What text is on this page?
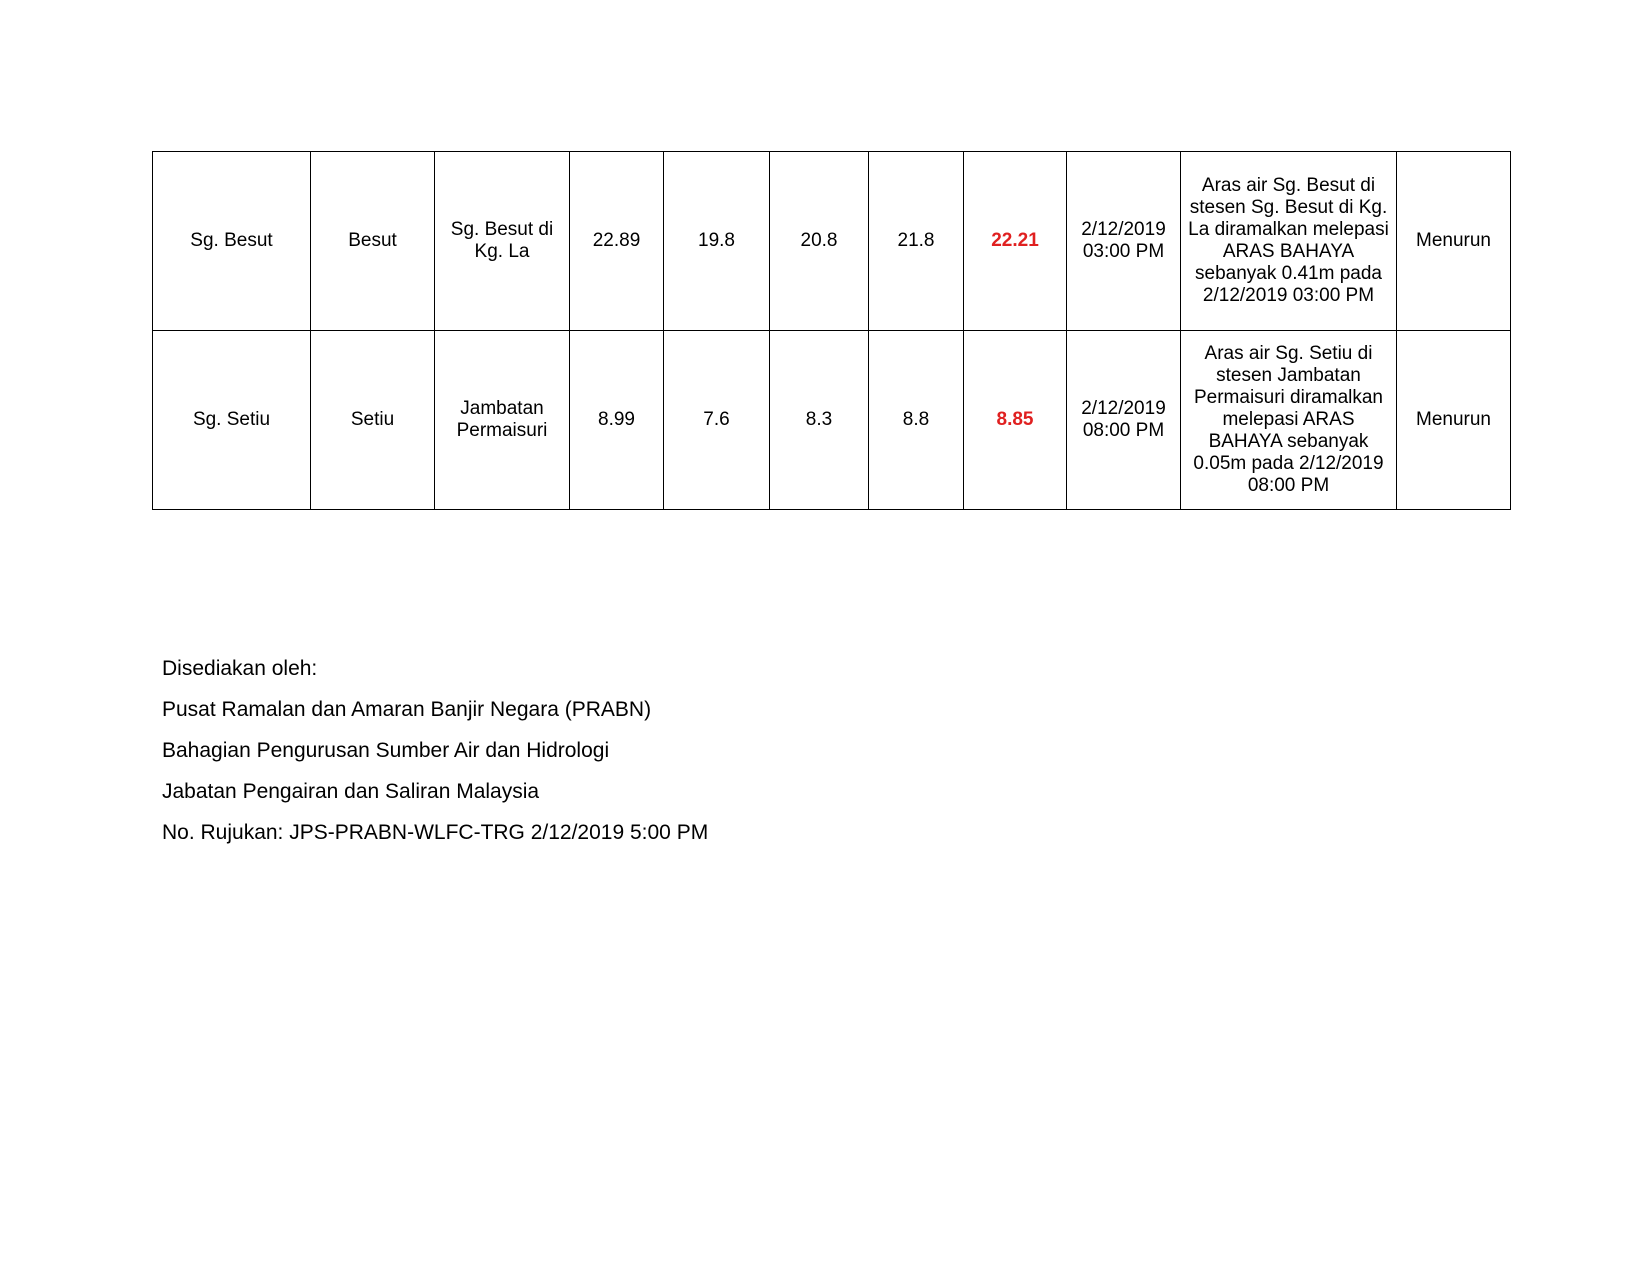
Sg. Besut	Besut	Sg. Besut di Kg. La	22.89	19.8	20.8	21.8	22.21	2/12/2019 03:00 PM	Aras air Sg. Besut di stesen Sg. Besut di Kg. La diramalkan melepasi ARAS BAHAYA sebanyak 0.41m pada 2/12/2019 03:00 PM	Menurun
Sg. Setiu	Setiu	Jambatan Permaisuri	8.99	7.6	8.3	8.8	8.85	2/12/2019 08:00 PM	Aras air Sg. Setiu di stesen Jambatan Permaisuri diramalkan melepasi ARAS BAHAYA sebanyak 0.05m pada 2/12/2019 08:00 PM	Menurun
Disediakan oleh:
Pusat Ramalan dan Amaran Banjir Negara (PRABN)
Bahagian Pengurusan Sumber Air dan Hidrologi
Jabatan Pengairan dan Saliran Malaysia
No. Rujukan: JPS-PRABN-WLFC-TRG 2/12/2019 5:00 PM
